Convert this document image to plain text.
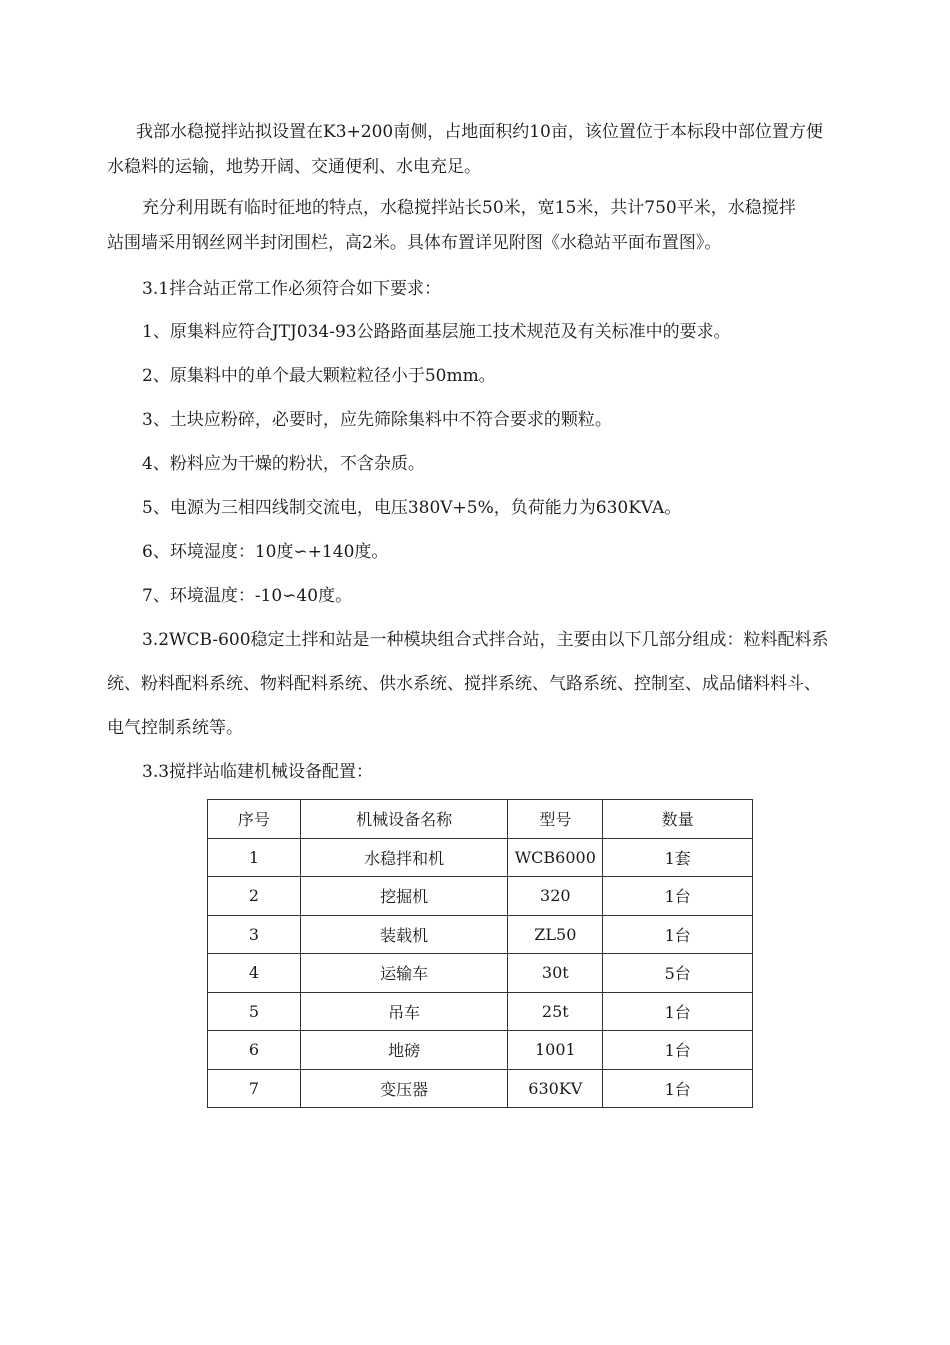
我部水稳搅拌站拟设置在K3+200南侧，占地面积约10亩，该位置位于本标段中部位置方便

水稳料的运输，地势开阔、交通便利、水电充足。

充分利用既有临时征地的特点，水稳搅拌站长50米，宽15米，共计750平米，水稳搅拌

站围墙采用钢丝网半封闭围栏，高2米。具体布置详见附图《水稳站平面布置图》。

3.1拌合站正常工作必须符合如下要求：

1、原集料应符合JTJ034-93公路路面基层施工技术规范及有关标准中的要求。

2、原集料中的单个最大颗粒粒径小于50mm。

3、土块应粉碎，必要时，应先筛除集料中不符合要求的颗粒。

4、粉料应为干燥的粉状，不含杂质。

5、电源为三相四线制交流电，电压380V+5%，负荷能力为630KVA。

6、环境湿度：10度∽+140度。

7、环境温度：-10∽40度。

3.2WCB-600稳定土拌和站是一种模块组合式拌合站，主要由以下几部分组成：粒料配料系

统、粉料配料系统、物料配料系统、供水系统、搅拌系统、气路系统、控制室、成品储料料斗、

电气控制系统等。

3.3搅拌站临建机械设备配置：

序号	机械设备名称	型号	数量
1	水稳拌和机	WCB6000	1套
2	挖掘机	320	1台
3	装载机	ZL50	1台
4	运输车	30t	5台
5	吊车	25t	1台
6	地磅	1001	1台
7	变压器	630KV	1台
